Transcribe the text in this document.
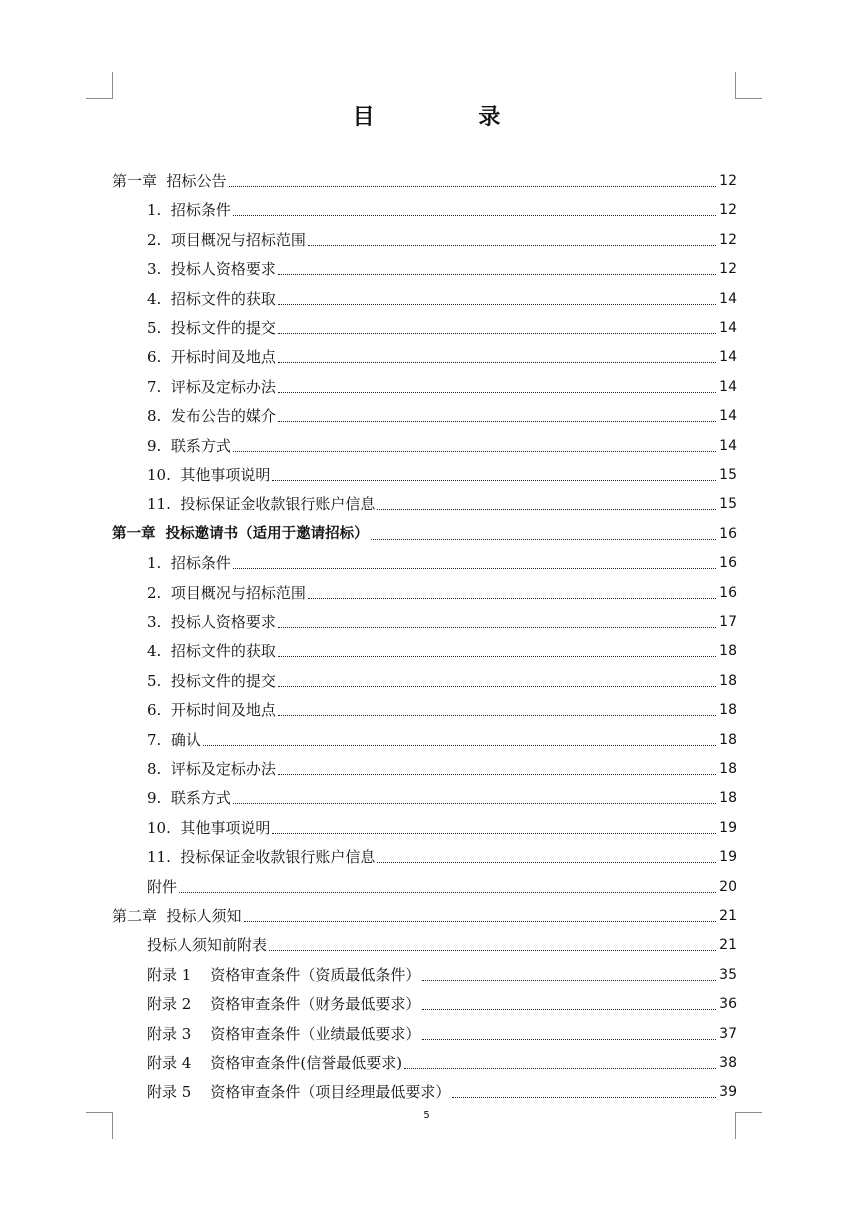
目 录
第一章  招标公告	12
1.  招标条件	12
2.  项目概况与招标范围	12
3.  投标人资格要求	12
4.  招标文件的获取	14
5.  投标文件的提交	14
6.  开标时间及地点	14
7.  评标及定标办法	14
8.  发布公告的媒介	14
9.  联系方式	14
10.  其他事项说明	15
11.  投标保证金收款银行账户信息	15
第一章  投标邀请书（适用于邀请招标）	16
1.  招标条件	16
2.  项目概况与招标范围	16
3.  投标人资格要求	17
4.  招标文件的获取	18
5.  投标文件的提交	18
6.  开标时间及地点	18
7.  确认	18
8.  评标及定标办法	18
9.  联系方式	18
10.  其他事项说明	19
11.  投标保证金收款银行账户信息	19
附件	20
第二章  投标人须知	21
投标人须知前附表	21
附录 1    资格审查条件（资质最低条件）	35
附录 2    资格审查条件（财务最低要求）	36
附录 3    资格审查条件（业绩最低要求）	37
附录 4    资格审查条件(信誉最低要求)	38
附录 5    资格审查条件（项目经理最低要求）	39
5
